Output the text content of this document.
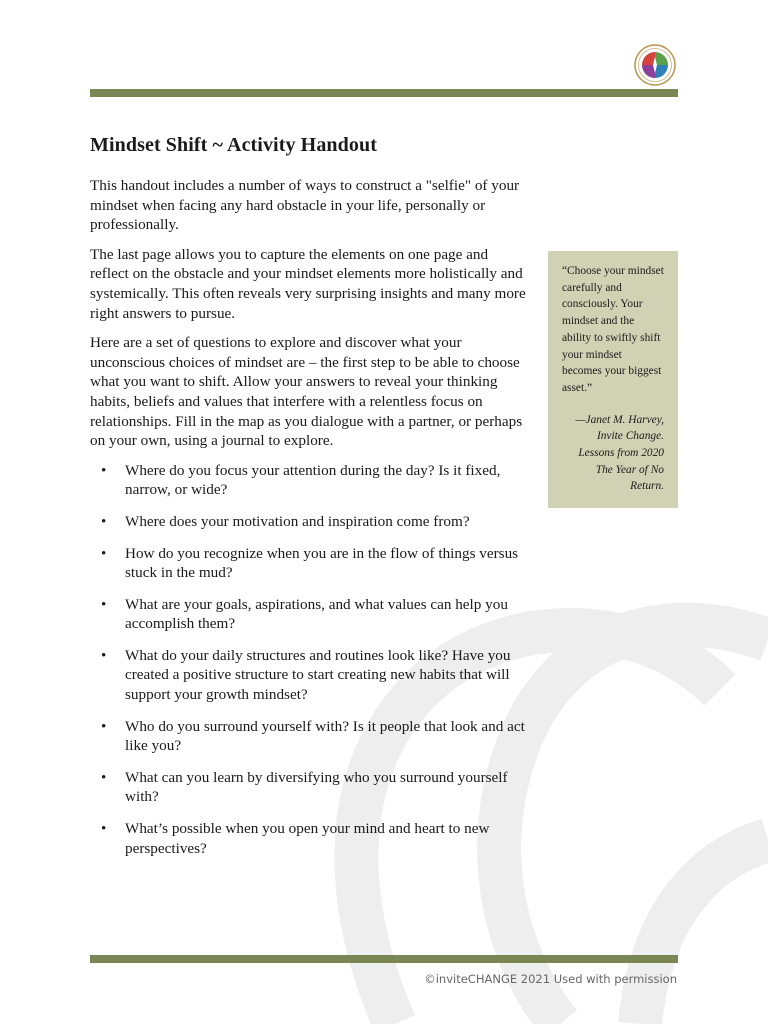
Mindset Shift ~ Activity Handout

This handout includes a number of ways to construct a "selfie" of your mindset when facing any hard obstacle in your life, personally or professionally.

The last page allows you to capture the elements on one page and reflect on the obstacle and your mindset elements more holistically and systemically. This often reveals very surprising insights and many more right answers to pursue.

Here are a set of questions to explore and discover what your unconscious choices of mindset are – the first step to be able to choose what you want to shift. Allow your answers to reveal your thinking habits, beliefs and values that interfere with a relentless focus on relationships. Fill in the map as you dialogue with a partner, or perhaps on your own, using a journal to explore.

• Where do you focus your attention during the day? Is it fixed, narrow, or wide?
• Where does your motivation and inspiration come from?
• How do you recognize when you are in the flow of things versus stuck in the mud?
• What are your goals, aspirations, and what values can help you accomplish them?
• What do your daily structures and routines look like? Have you created a positive structure to start creating new habits that will support your growth mindset?
• Who do you surround yourself with? Is it people that look and act like you?
• What can you learn by diversifying who you surround yourself with?
• What’s possible when you open your mind and heart to new perspectives?
“Choose your mindset carefully and consciously. Your mindset and the ability to swiftly shift your mindset becomes your biggest asset.”
—Janet M. Harvey, Invite Change. Lessons from 2020 The Year of No Return.
©inviteCHANGE 2021 Used with permission
